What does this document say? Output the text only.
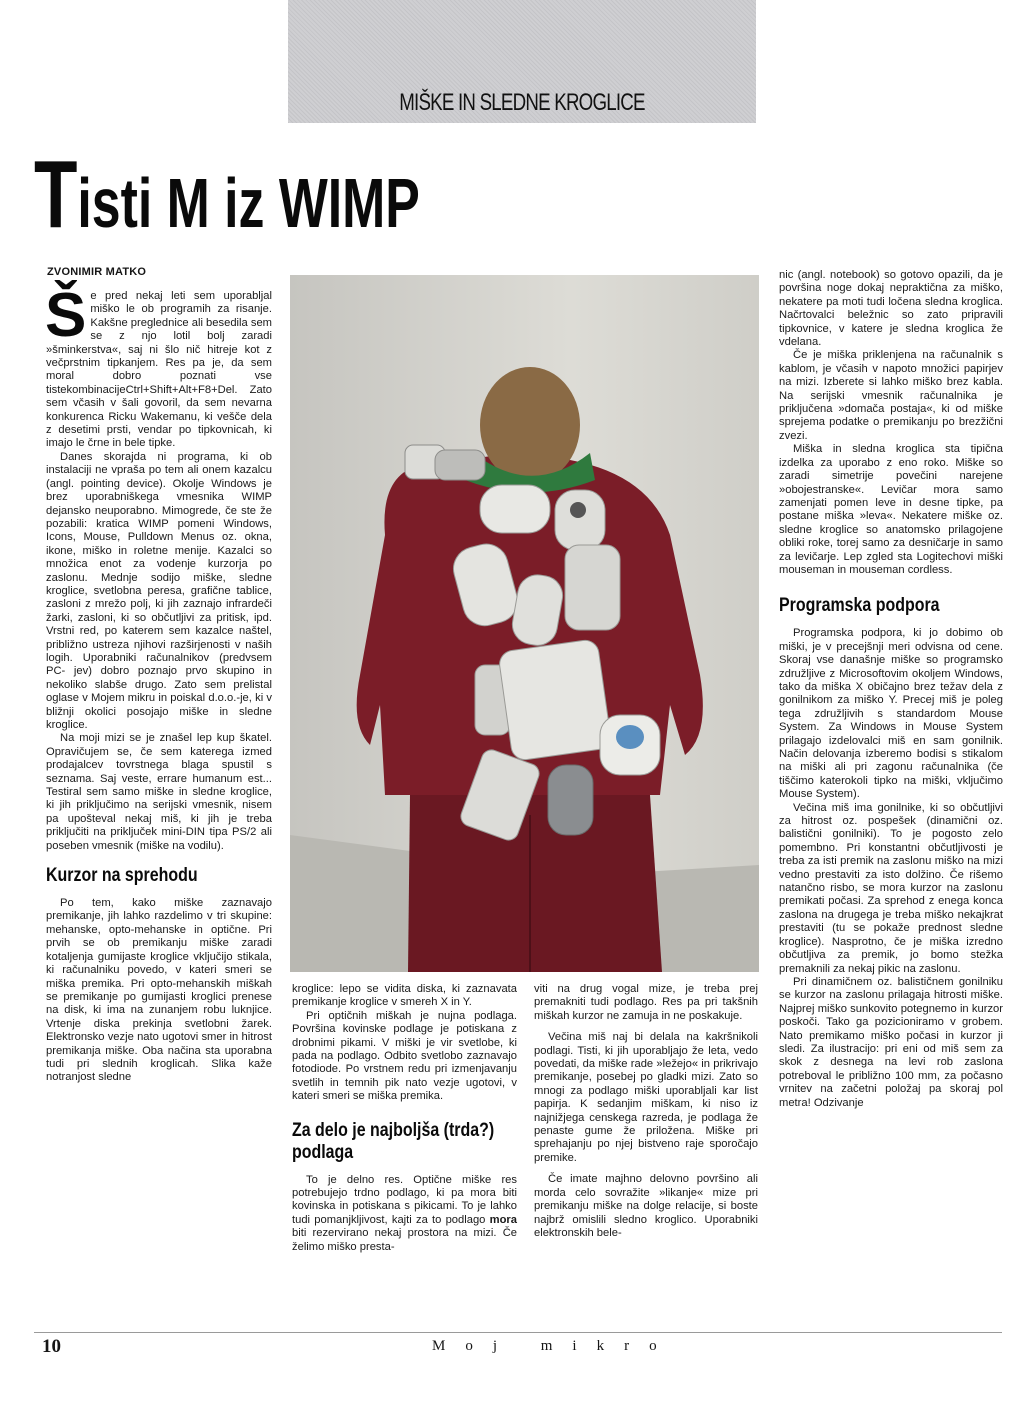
MIŠKE IN SLEDNE KROGLICE
Tisti M iz WIMP
ZVONIMIR MATKO

Še pred nekaj leti sem uporabljal miško le ob programih za risanje. Kakšne preglednice ali besedila sem se z njo lotil bolj zaradi »šminkerstva«, saj ni šlo nič hitreje kot z večprstnim tipkanjem. Res pa je, da sem moral dobro poznati vse tistekombinacijeCtrl+Shift+Alt+F8+Del. Zato sem včasih v šali govoril, da sem nevarna konkurenca Ricku Wakemanu, ki vešče dela z desetimi prsti, vendar po tipkovnicah, ki imajo le črne in bele tipke.

Danes skorajda ni programa, ki ob instalaciji ne vpraša po tem ali onem kazalcu (angl. pointing device). Okolje Windows je brez uporabniškega vmesnika WIMP dejansko neuporabno. Mimogrede, če ste že pozabili: kratica WIMP pomeni Windows, Icons, Mouse, Pulldown Menus oz. okna, ikone, miško in roletne menije. Kazalci so množica enot za vodenje kurzorja po zaslonu. Mednje sodijo miške, sledne kroglice, svetlobna peresa, grafične tablice, zasloni z mrežo polj, ki jih zaznajo infrardeči žarki, zasloni, ki so občutljivi za pritisk, ipd. Vrstni red, po katerem sem kazalce naštel, približno ustreza njihovi razširjenosti v naših logih. Uporabniki računalnikov (predvsem PC- jev) dobro poznajo prvo skupino in nekoliko slabše drugo. Zato sem prelistal oglase v Mojem mikru in poiskal d.o.o.-je, ki v bližnji okolici posojajo miške in sledne kroglice.

Na moji mizi se je znašel lep kup škatel. Opravičujem se, če sem katerega izmed prodajalcev tovrstnega blaga spustil s seznama. Saj veste, errare humanum est... Testiral sem samo miške in sledne kroglice, ki jih priključimo na serijski vmesnik, nisem pa upošteval nekaj miš, ki jih je treba priključiti na priključek mini-DIN tipa PS/2 ali poseben vmesnik (miške na vodilu).

Kurzor na sprehodu

Po tem, kako miške zaznavajo premikanje, jih lahko razdelimo v tri skupine: mehanske, opto-mehanske in optične. Pri prvih se ob premikanju miške zaradi kotaljenja gumijaste kroglice vključijo stikala, ki računalniku povedo, v kateri smeri se miška premika. Pri opto-mehanskih miškah se premikanje po gumijasti kroglici prenese na disk, ki ima na zunanjem robu luknjice. Vrtenje diska prekinja svetlobni žarek. Elektronsko vezje nato ugotovi smer in hitrost premikanja miške. Oba načina sta uporabna tudi pri slednih kroglicah. Slika kaže notranjost sledne

kroglice: lepo se vidita diska, ki zaznavata premikanje kroglice v smereh X in Y.

Pri optičnih miškah je nujna podlaga. Površina kovinske podlage je potiskana z drobnimi pikami. V miški je vir svetlobe, ki pada na podlago. Odbito svetlobo zaznavajo fotodiode. Po vrstnem redu pri izmenjavanju svetlih in temnih pik nato vezje ugotovi, v kateri smeri se miška premika.

Za delo je najboljša (trda?) podlaga

To je delno res. Optične miške res potrebujejo trdno podlago, ki pa mora biti kovinska in potiskana s pikicami. To je lahko tudi pomanjkljivost, kajti za to podlago mora biti rezervirano nekaj prostora na mizi. Če želimo miško presta-

viti na drug vogal mize, je treba prej premakniti tudi podlago. Res pa pri takšnih miškah kurzor ne zamuja in ne poskakuje.

Večina miš naj bi delala na kakršnikoli podlagi. Tisti, ki jih uporabljajo že leta, vedo povedati, da miške rade »ležejo« in prikrivajo premikanje, posebej po gladki mizi. Zato so mnogi za podlago miški uporabljali kar list papirja. K sedanjim miškam, ki niso iz najnižjega censkega razreda, je podlaga že penaste gume že priložena. Miške pri sprehajanju po njej bistveno raje sporočajo premike.

Če imate majhno delovno površino ali morda celo sovražite »likanje« mize pri premikanju miške na dolge relacije, si boste najbrž omislili sledno kroglico. Uporabniki elektronskih bele-

nic (angl. notebook) so gotovo opazili, da je površina noge dokaj nepraktična za miško, nekatere pa moti tudi ločena sledna kroglica. Načrtovalci beležnic so zato pripravili tipkovnice, v katere je sledna kroglica že vdelana.

Če je miška priklenjena na računalnik s kablom, je včasih v napoto množici papirjev na mizi. Izberete si lahko miško brez kabla. Na serijski vmesnik računalnika je priključena »domača postaja«, ki od miške sprejema podatke o premikanju po brezžični zvezi.

Miška in sledna kroglica sta tipična izdelka za uporabo z eno roko. Miške so zaradi simetrije povečini narejene »obojestranske«. Levičar mora samo zamenjati pomen leve in desne tipke, pa postane miška »leva«. Nekatere miške oz. sledne kroglice so anatomsko prilagojene obliki roke, torej samo za desničarje in samo za levičarje. Lep zgled sta Logitechovi miški mouseman in mouseman cordless.

Programska podpora

Programska podpora, ki jo dobimo ob miški, je v precejšnji meri odvisna od cene. Skoraj vse današnje miške so programsko združljive z Microsoftovim okoljem Windows, tako da miška X običajno brez težav dela z gonilnikom za miško Y. Precej miš je poleg tega združljivih s standardom Mouse System. Za Windows in Mouse System prilagajo izdelovalci miš en sam gonilnik. Način delovanja izberemo bodisi s stikalom na miški ali pri zagonu računalnika (če tiščimo katerokoli tipko na miški, vključimo Mouse System).

Večina miš ima gonilnike, ki so občutljivi za hitrost oz. pospešek (dinamični oz. balistični gonilniki). To je pogosto zelo pomembno. Pri konstantni občutljivosti je treba za isti premik na zaslonu miško na mizi vedno prestaviti za isto dolžino. Če rišemo natančno risbo, se mora kurzor na zaslonu premikati počasi. Za sprehod z enega konca zaslona na drugega je treba miško nekajkrat prestaviti (tu se pokaže prednost sledne kroglice). Nasprotno, če je miška izredno občutljiva za premik, jo bomo stežka premaknili za nekaj pikic na zaslonu.

Pri dinamičnem oz. balističnem gonilniku se kurzor na zaslonu prilagaja hitrosti miške. Najprej miško sunkovito potegnemo in kurzor poskoči. Tako ga pozicioniramo v grobem. Nato premikamo miško počasi in kurzor ji sledi. Za ilustracijo: pri eni od miš sem za skok z desnega na levi rob zaslona potreboval le približno 100 mm, za počasno vrnitev na začetni položaj pa skoraj pol metra! Odzivanje

10	Moj mikro
